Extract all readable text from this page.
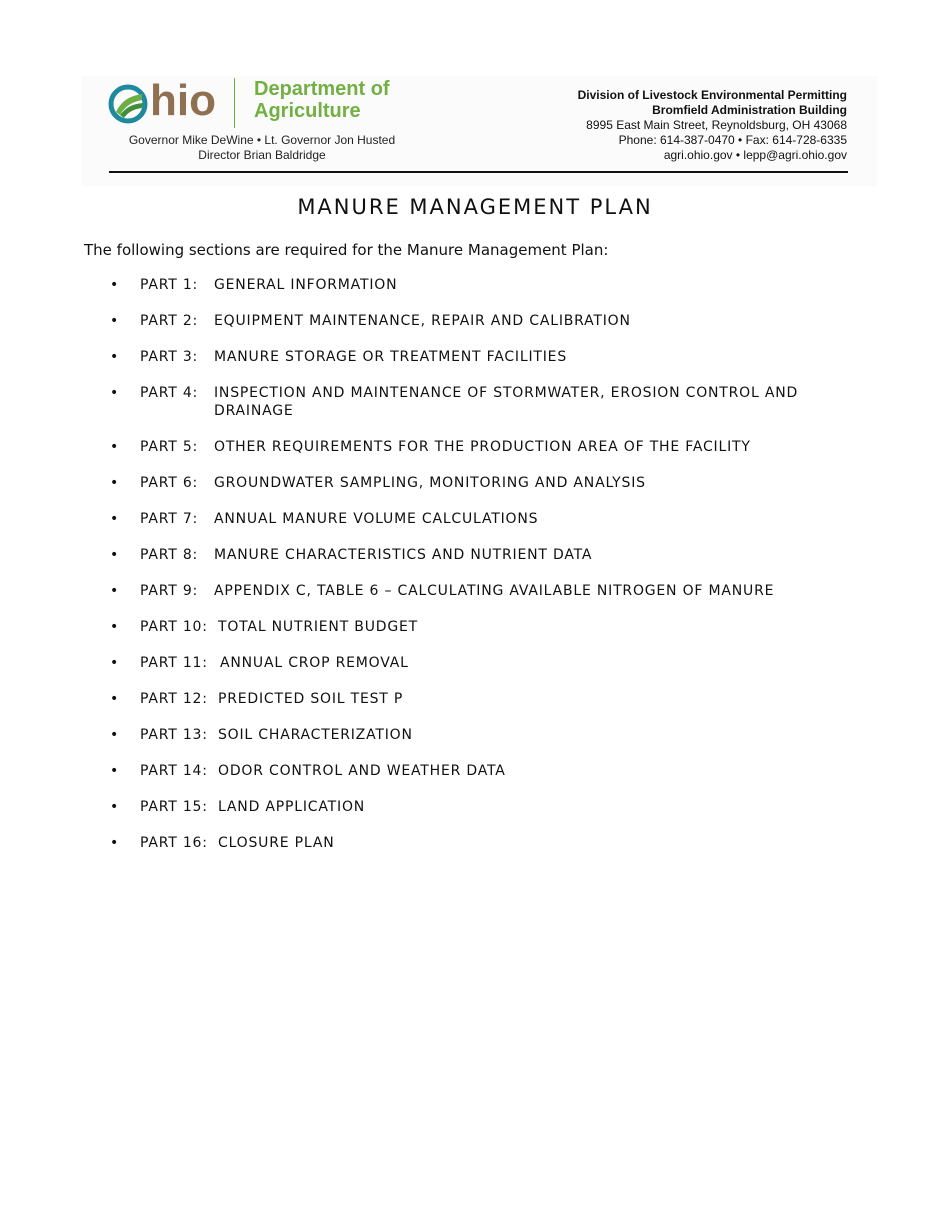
hio Department of Agriculture
Governor Mike DeWine • Lt. Governor Jon Husted
Director Brian Baldridge
Division of Livestock Environmental Permitting
Bromfield Administration Building
8995 East Main Street, Reynoldsburg, OH 43068
Phone: 614-387-0470 • Fax: 614-728-6335
agri.ohio.gov • lepp@agri.ohio.gov
MANURE MANAGEMENT PLAN
The following sections are required for the Manure Management Plan:
• PART 1:	GENERAL INFORMATION
• PART 2:	EQUIPMENT MAINTENANCE, REPAIR AND CALIBRATION
• PART 3:	MANURE STORAGE OR TREATMENT FACILITIES
• PART 4:	INSPECTION AND MAINTENANCE OF STORMWATER, EROSION CONTROL AND DRAINAGE
• PART 5:	OTHER REQUIREMENTS FOR THE PRODUCTION AREA OF THE FACILITY
• PART 6:	GROUNDWATER SAMPLING, MONITORING AND ANALYSIS
• PART 7:	ANNUAL MANURE VOLUME CALCULATIONS
• PART 8:	MANURE CHARACTERISTICS AND NUTRIENT DATA
• PART 9:	APPENDIX C, TABLE 6 – CALCULATING AVAILABLE NITROGEN OF MANURE
• PART 10: TOTAL NUTRIENT BUDGET
• PART 11: ANNUAL CROP REMOVAL
• PART 12: PREDICTED SOIL TEST P
• PART 13: SOIL CHARACTERIZATION
• PART 14: ODOR CONTROL AND WEATHER DATA
• PART 15: LAND APPLICATION
• PART 16: CLOSURE PLAN
